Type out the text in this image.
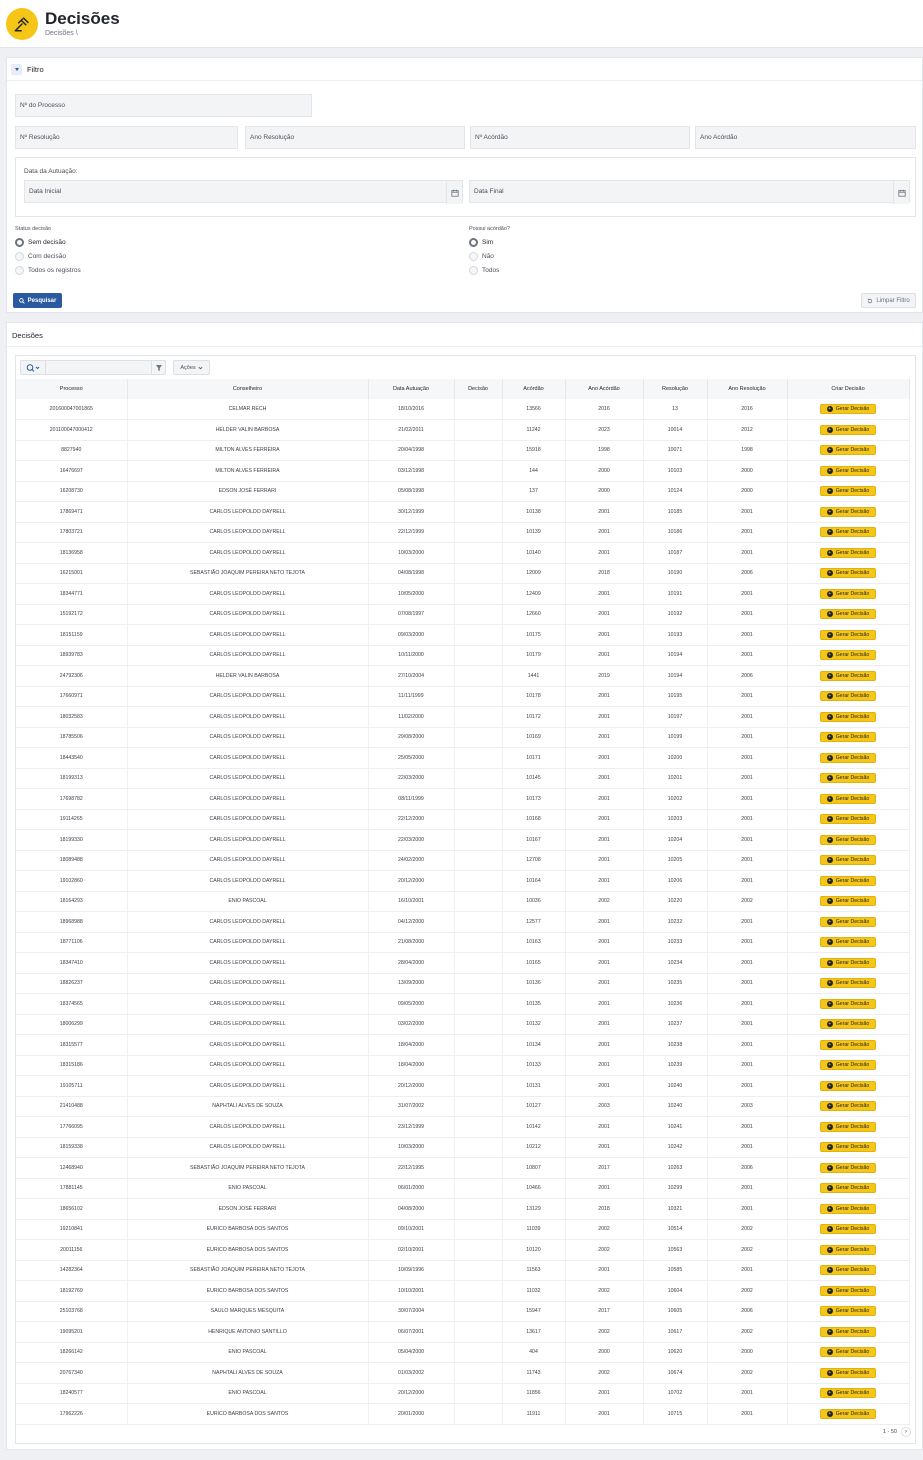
Decisões
Decisões \
Filtro
Nº do Processo
Nº Resolução	Ano Resolução	Nº Acórdão	Ano Acórdão
Data da Autuação:
Data Inicial	Data Final
Status decisão
Sem decisão
Com decisão
Todos os registros
Possui acórdão?
Sim
Não
Todos
Pesquisar	Limpar Filtro
Decisões
Ações
Processo	Conselheiro	Data Autuação	Decisão	Acórdão	Ano Acórdão	Resolução	Ano Resolução	Criar Decisão
201600047001865	CELMAR RECH	18/10/2016		13566	2016	13	2016	+ Gerar Decisão

201100047000412	HELDER VALIN BARBOSA	21/02/2011		11242	2023	10014	2012	+ Gerar Decisão

8827940	MILTON ALVES FERREIRA	20/04/1998		15918	1998	10071	1998	+ Gerar Decisão

16476697	MILTON ALVES FERREIRA	03/12/1998		144	2000	10103	2000	+ Gerar Decisão

16208730	EDSON JOSÉ FERRARI	05/08/1998		137	2000	10124	2000	+ Gerar Decisão

17869471	CARLOS LEOPOLDO DAYRELL	30/12/1999		10138	2001	10185	2001	+ Gerar Decisão

17803721	CARLOS LEOPOLDO DAYRELL	22/12/1999		10139	2001	10186	2001	+ Gerar Decisão

18136958	CARLOS LEOPOLDO DAYRELL	10/03/2000		10140	2001	10187	2001	+ Gerar Decisão

16215001	SEBASTIÃO JOAQUIM PEREIRA NETO TEJOTA	04/08/1998		12009	2018	10190	2006	+ Gerar Decisão

18344771	CARLOS LEOPOLDO DAYRELL	10/05/2000		12409	2001	10191	2001	+ Gerar Decisão

15192172	CARLOS LEOPOLDO DAYRELL	07/08/1997		12660	2001	10192	2001	+ Gerar Decisão

18151159	CARLOS LEOPOLDO DAYRELL	09/03/2000		10175	2001	10193	2001	+ Gerar Decisão

18939783	CARLOS LEOPOLDO DAYRELL	10/11/2000		10179	2001	10194	2001	+ Gerar Decisão

24792306	HELDER VALIN BARBOSA	27/10/2004		1441	2019	10194	2006	+ Gerar Decisão

17660971	CARLOS LEOPOLDO DAYRELL	11/11/1999		10178	2001	10195	2001	+ Gerar Decisão

18032583	CARLOS LEOPOLDO DAYRELL	11/02/2000		10172	2001	10197	2001	+ Gerar Decisão

18785506	CARLOS LEOPOLDO DAYRELL	29/08/2000		10169	2001	10199	2001	+ Gerar Decisão

18443540	CARLOS LEOPOLDO DAYRELL	25/05/2000		10171	2001	10200	2001	+ Gerar Decisão

18199313	CARLOS LEOPOLDO DAYRELL	22/03/2000		10145	2001	10201	2001	+ Gerar Decisão

17698782	CARLOS LEOPOLDO DAYRELL	08/11/1999		10173	2001	10202	2001	+ Gerar Decisão

19114265	CARLOS LEOPOLDO DAYRELL	22/12/2000		10168	2001	10203	2001	+ Gerar Decisão

18199330	CARLOS LEOPOLDO DAYRELL	22/03/2000		10167	2001	10204	2001	+ Gerar Decisão

18089488	CARLOS LEOPOLDO DAYRELL	24/02/2000		12708	2001	10205	2001	+ Gerar Decisão

19102860	CARLOS LEOPOLDO DAYRELL	20/12/2000		10164	2001	10206	2001	+ Gerar Decisão

18164293	ENIO PASCOAL	16/10/2001		10036	2002	10220	2002	+ Gerar Decisão

18968988	CARLOS LEOPOLDO DAYRELL	04/12/2000		12577	2001	10232	2001	+ Gerar Decisão

18771106	CARLOS LEOPOLDO DAYRELL	21/08/2000		10163	2001	10233	2001	+ Gerar Decisão

18347410	CARLOS LEOPOLDO DAYRELL	28/04/2000		10165	2001	10234	2001	+ Gerar Decisão

18826237	CARLOS LEOPOLDO DAYRELL	13/09/2000		10136	2001	10235	2001	+ Gerar Decisão

18374565	CARLOS LEOPOLDO DAYRELL	09/05/2000		10135	2001	10236	2001	+ Gerar Decisão

18006299	CARLOS LEOPOLDO DAYRELL	03/02/2000		10132	2001	10237	2001	+ Gerar Decisão

18315577	CARLOS LEOPOLDO DAYRELL	18/04/2000		10134	2001	10238	2001	+ Gerar Decisão

18315186	CARLOS LEOPOLDO DAYRELL	18/04/2000		10133	2001	10239	2001	+ Gerar Decisão

19105711	CARLOS LEOPOLDO DAYRELL	20/12/2000		10131	2001	10240	2001	+ Gerar Decisão

21410488	NAPHTALI ALVES DE SOUZA	31/07/2002		10127	2003	10240	2003	+ Gerar Decisão

17766095	CARLOS LEOPOLDO DAYRELL	23/12/1999		10142	2001	10241	2001	+ Gerar Decisão

18159338	CARLOS LEOPOLDO DAYRELL	10/03/2000		10212	2001	10242	2001	+ Gerar Decisão

12468940	SEBASTIÃO JOAQUIM PEREIRA NETO TEJOTA	22/12/1995		10807	2017	10263	2006	+ Gerar Decisão

17881145	ENIO PASCOAL	06/01/2000		10466	2001	10299	2001	+ Gerar Decisão

18656102	EDSON JOSÉ FERRARI	04/08/2000		13129	2018	10321	2001	+ Gerar Decisão

19210841	EURICO BARBOSA DOS SANTOS	09/10/2001		11039	2002	10514	2002	+ Gerar Decisão

20011156	EURICO BARBOSA DOS SANTOS	02/10/2001		10120	2002	10563	2002	+ Gerar Decisão

14282364	SEBASTIÃO JOAQUIM PEREIRA NETO TEJOTA	10/09/1996		11563	2001	10585	2001	+ Gerar Decisão

18192769	EURICO BARBOSA DOS SANTOS	10/10/2001		11032	2002	10604	2002	+ Gerar Decisão

25103768	SAULO MARQUES MESQUITA	30/07/2004		15947	2017	10605	2006	+ Gerar Decisão

19095201	HENRIQUE ANTONIO SANTILLO	06/07/2001		13617	2002	10617	2002	+ Gerar Decisão

18266142	ENIO PASCOAL	05/04/2000		404	2000	10620	2000	+ Gerar Decisão

20767340	NAPHTALI ALVES DE SOUZA	01/03/2002		11743	2002	10674	2002	+ Gerar Decisão

18240577	ENIO PASCOAL	20/12/2000		11856	2001	10702	2001	+ Gerar Decisão

17962226	EURICO BARBOSA DOS SANTOS	20/01/2000		11911	2001	10715	2001	+ Gerar Decisão
1 - 50	›
